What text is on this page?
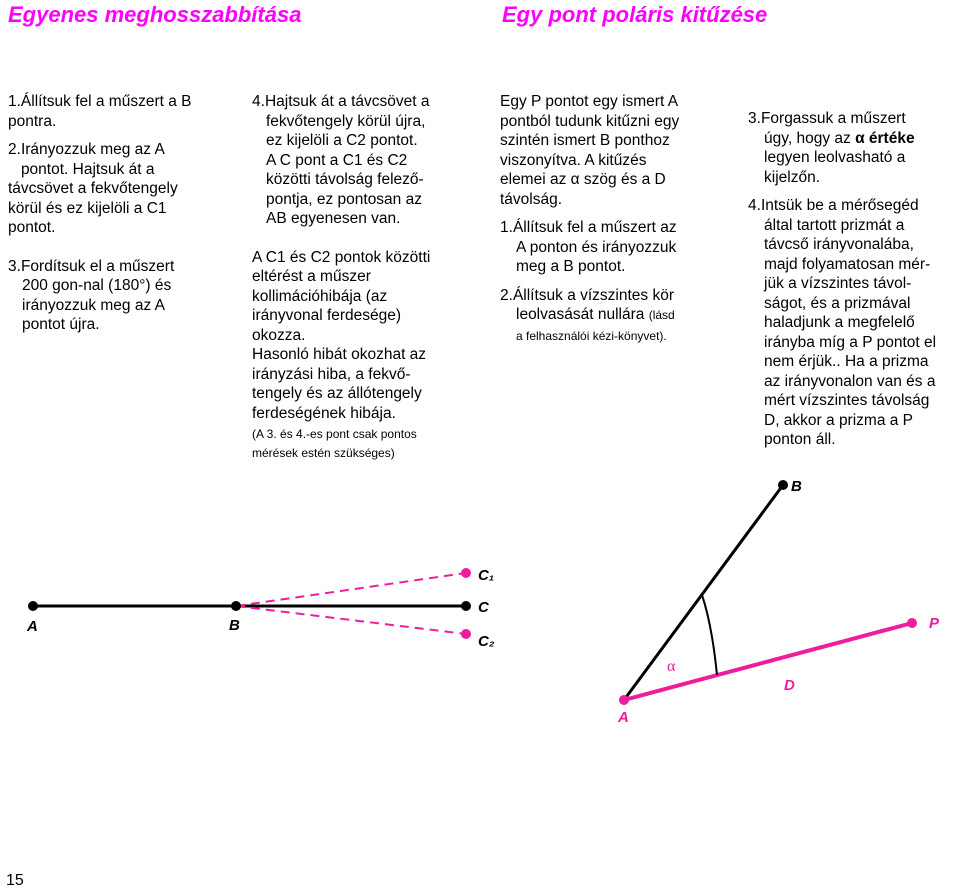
Egyenes meghosszabbítása	Egy pont poláris kitűzése

1.Állítsuk fel a műszert a B pontra.

2. Irányozzuk meg az A
pontot. Hajtsuk át a

távcsövet a fekvőtengely
körül és ez kijelöli a C1
pontot.

3. Fordítsuk el a műszert

200 gon-nal (180°) és
irányozzuk meg az A
pontot újra.

4. Hajtsuk át a távcsövet a

fekvőtengely körül újra,
ez kijelöli a C2 pontot.
A C pont a C1 és C2
közötti távolság felező-
pontja, ez pontosan az
AB egyenesen van.

A C1 és C2 pontok közötti
eltérést a műszer
kollimációhibája (az
irányvonal ferdesége)
okozza.
Hasonló hibát okozhat az
irányzási hiba, a fekvő-
tengely és az állótengely
ferdeségének hibája.

(A 3. és 4.-es pont csak pontos
mérések estén szükséges)

Egy P pontot egy ismert A
pontból tudunk kitűzni egy
szintén ismert B ponthoz
viszonyítva. A kitűzés
elemei az α szög és a D
távolság.

1. Állítsuk fel a műszert az

A ponton és irányozzuk
meg a B pontot.

2. Állítsuk a vízszintes kör

leolvasását nullára (lásd
a felhasználói kézi-könyvet).

3. Forgassuk a műszert

úgy, hogy az α értéke
legyen leolvasható a
kijelzőn.

4. Intsük be a mérősegéd

által tartott prizmát a
távcső irányvonalába,
majd folyamatosan mér-
jük a vízszintes távol-
ságot, és a prizmával
haladjunk a megfelelő
irányba míg a P pontot el
nem érjük.. Ha a prizma
az irányvonalon van és a
mért vízszintes távolság
D, akkor a prizma a P
ponton áll.

A	B
C₁
C
C₂
B
P
A
α
D
15
